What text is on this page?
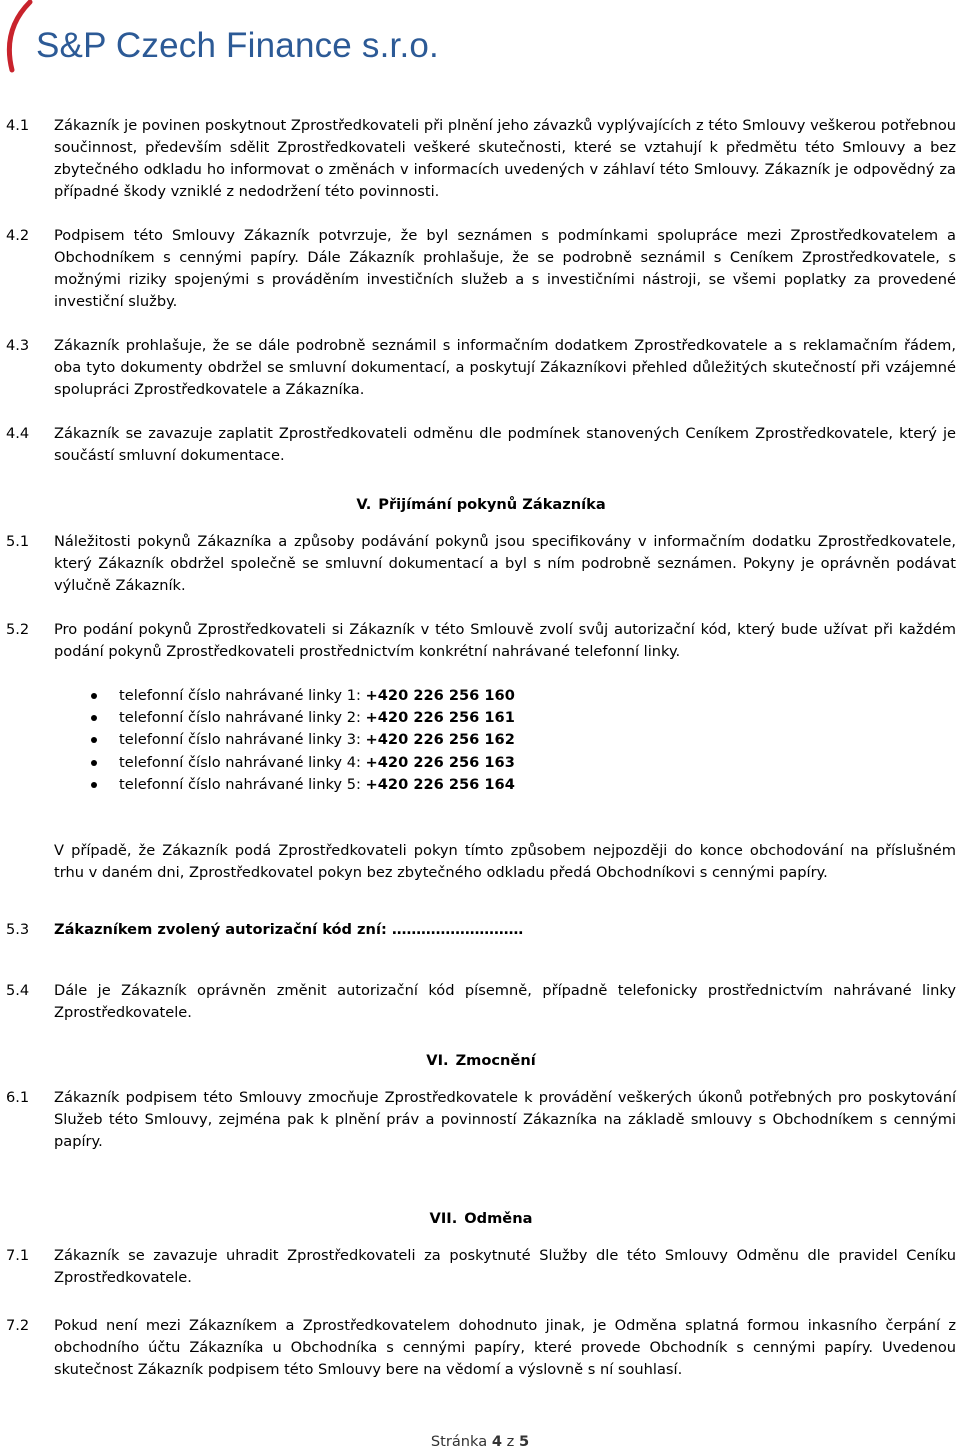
S&P Czech Finance s.r.o.
4.1	Zákazník je povinen poskytnout Zprostředkovateli při plnění jeho závazků vyplývajících z této Smlouvy veškerou potřebnou součinnost, především sdělit Zprostředkovateli veškeré skutečnosti, které se vztahují k předmětu této Smlouvy a bez zbytečného odkladu ho informovat o změnách v informacích uvedených v záhlaví této Smlouvy. Zákazník je odpovědný za případné škody vzniklé z nedodržení této povinnosti.
4.2	Podpisem této Smlouvy Zákazník potvrzuje, že byl seznámen s podmínkami spolupráce mezi Zprostředkovatelem a Obchodníkem s cennými papíry. Dále Zákazník prohlašuje, že se podrobně seznámil s Ceníkem Zprostředkovatele, s možnými riziky spojenými s prováděním investičních služeb a s investičními nástroji, se všemi poplatky za provedené investiční služby.
4.3	Zákazník prohlašuje, že se dále podrobně seznámil s informačním dodatkem Zprostředkovatele a s reklamačním řádem, oba tyto dokumenty obdržel se smluvní dokumentací, a poskytují Zákazníkovi přehled důležitých skutečností při vzájemné spolupráci Zprostředkovatele a Zákazníka.
4.4	Zákazník se zavazuje zaplatit Zprostředkovateli odměnu dle podmínek stanovených Ceníkem Zprostředkovatele, který je součástí smluvní dokumentace.
V. Přijímání pokynů Zákazníka
5.1	Náležitosti pokynů Zákazníka a způsoby podávání pokynů jsou specifikovány v informačním dodatku Zprostředkovatele, který Zákazník obdržel společně se smluvní dokumentací a byl s ním podrobně seznámen. Pokyny je oprávněn podávat výlučně Zákazník.
5.2	Pro podání pokynů Zprostředkovateli si Zákazník v této Smlouvě zvolí svůj autorizační kód, který bude užívat při každém podání pokynů Zprostředkovateli prostřednictvím konkrétní nahrávané telefonní linky.
telefonní číslo nahrávané linky 1: +420 226 256 160
telefonní číslo nahrávané linky 2: +420 226 256 161
telefonní číslo nahrávané linky 3: +420 226 256 162
telefonní číslo nahrávané linky 4: +420 226 256 163
telefonní číslo nahrávané linky 5: +420 226 256 164
V případě, že Zákazník podá Zprostředkovateli pokyn tímto způsobem nejpozději do konce obchodování na příslušném trhu v daném dni, Zprostředkovatel pokyn bez zbytečného odkladu předá Obchodníkovi s cennými papíry.
5.3	Zákazníkem zvolený autorizační kód zní: ………………………
5.4	Dále je Zákazník oprávněn změnit autorizační kód písemně, případně telefonicky prostřednictvím nahrávané linky Zprostředkovatele.
VI. Zmocnění
6.1	Zákazník podpisem této Smlouvy zmocňuje Zprostředkovatele k provádění veškerých úkonů potřebných pro poskytování Služeb této Smlouvy, zejména pak k plnění práv a povinností Zákazníka na základě smlouvy s Obchodníkem s cennými papíry.
VII. Odměna
7.1	Zákazník se zavazuje uhradit Zprostředkovateli za poskytnuté Služby dle této Smlouvy Odměnu dle pravidel Ceníku Zprostředkovatele.
7.2	Pokud není mezi Zákazníkem a Zprostředkovatelem dohodnuto jinak, je Odměna splatná formou inkasního čerpání z obchodního účtu Zákazníka u Obchodníka s cennými papíry, které provede Obchodník s cennými papíry. Uvedenou skutečnost Zákazník podpisem této Smlouvy bere na vědomí a výslovně s ní souhlasí.
Stránka 4 z 5
